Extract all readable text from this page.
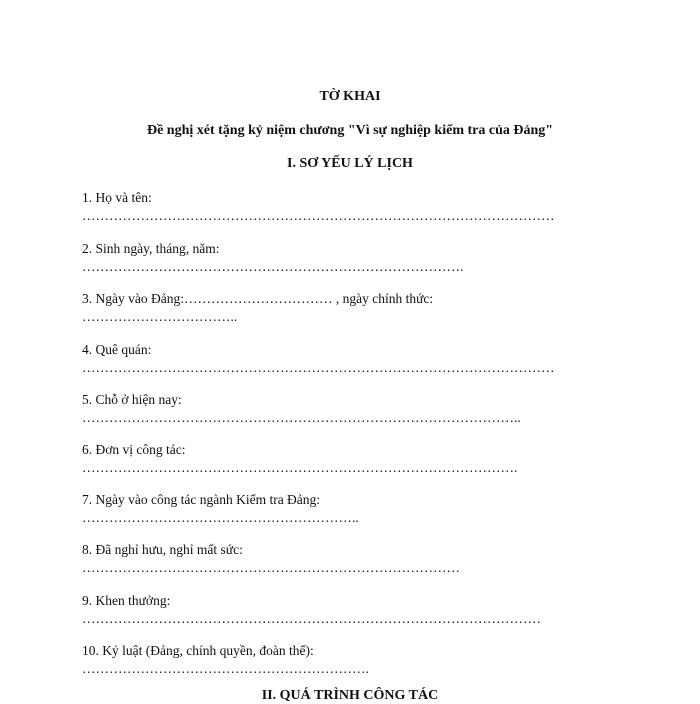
TỜ KHAI
Đề nghị xét tặng kỷ niệm chương "Vì sự nghiệp kiểm tra của Đảng"
I. SƠ YẾU LÝ LỊCH
1. Họ và tên:
……………………………………………………………………………………………
2. Sinh ngày, tháng, năm:
………………………………………………………………………….
3. Ngày vào Đảng:…………………………… , ngày chính thức:
……………………………..
4. Quê quán:
……………………………………………………………………………………………
5. Chỗ ở hiện nay:
……………………………………………………………………………………..
6. Đơn vị công tác:
…………………………………………………………………………………….
7. Ngày vào công tác ngành Kiểm tra Đảng:
……………………………………………………..
8. Đã nghỉ hưu, nghỉ mất sức:
…………………………………………………………………………
9. Khen thưởng:
…………………………………………………………………………………………
10. Kỷ luật (Đảng, chính quyền, đoàn thể):
……………………………………………………….
II. QUÁ TRÌNH CÔNG TÁC
